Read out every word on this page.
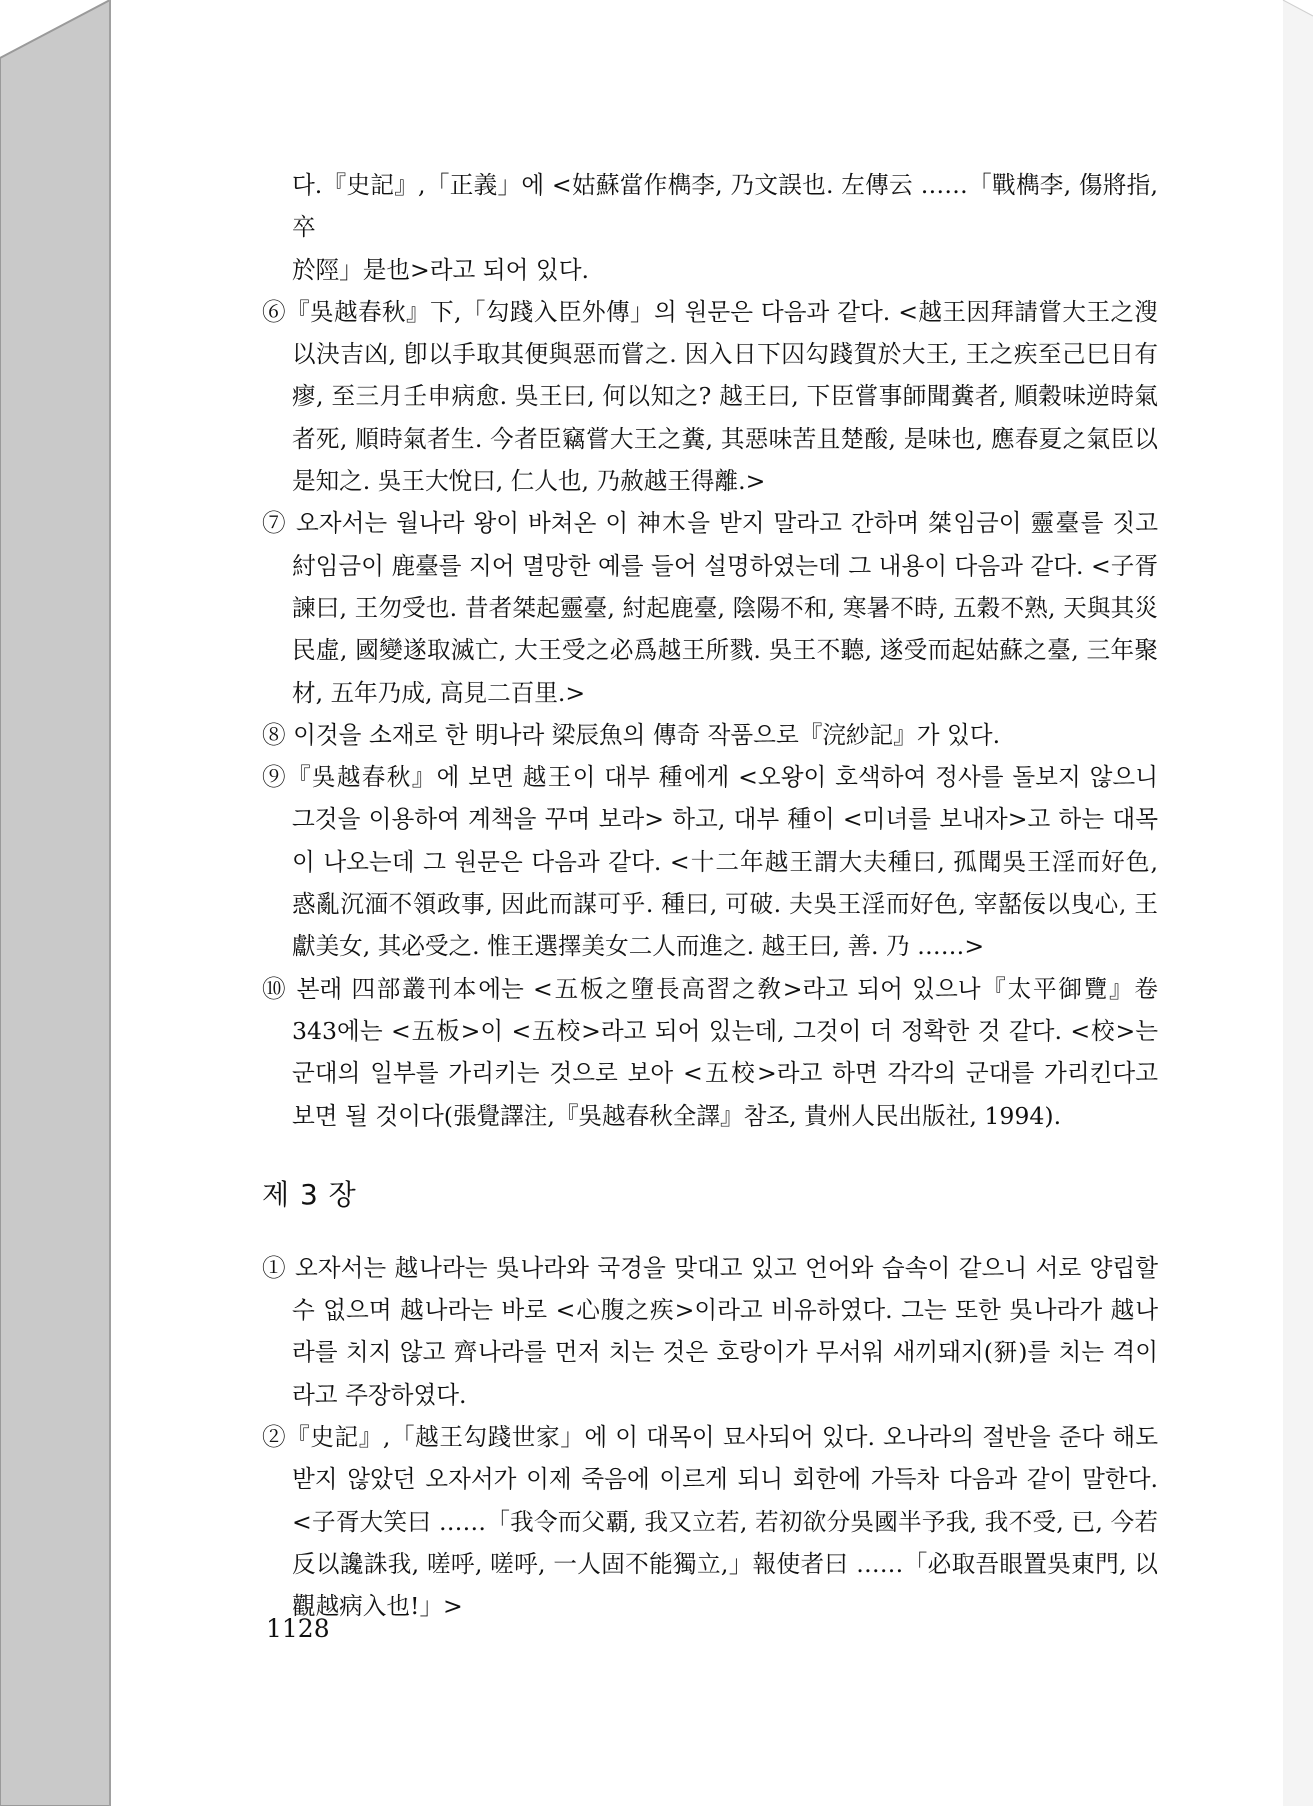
다.『史記』,「正義」에 <姑蘇當作檇李, 乃文誤也. 左傳云 ……「戰檇李, 傷將指, 卒

於陘」是也>라고 되어 있다.

⑥『吳越春秋』下,「勾踐入臣外傳」의 원문은 다음과 같다. <越王因拜請嘗大王之溲以決吉凶, 卽以手取其便與惡而嘗之. 因入日下囚勾踐賀於大王, 王之疾至己巳日有瘳, 至三月壬申病愈. 吳王曰, 何以知之? 越王曰, 下臣嘗事師聞糞者, 順穀味逆時氣者死, 順時氣者生. 今者臣竊嘗大王之糞, 其惡味苦且楚酸, 是味也, 應春夏之氣臣以是知之. 吳王大悅曰, 仁人也, 乃赦越王得離.>

⑦ 오자서는 월나라 왕이 바쳐온 이 神木을 받지 말라고 간하며 桀임금이 靈臺를 짓고 紂임금이 鹿臺를 지어 멸망한 예를 들어 설명하였는데 그 내용이 다음과 같다. <子胥諫曰, 王勿受也. 昔者桀起靈臺, 紂起鹿臺, 陰陽不和, 寒暑不時, 五穀不熟, 天與其災民虛, 國變遂取滅亡, 大王受之必爲越王所戮. 吳王不聽, 遂受而起姑蘇之臺, 三年聚材, 五年乃成, 高見二百里.>

⑧ 이것을 소재로 한 明나라 梁辰魚의 傳奇 작품으로『浣紗記』가 있다.

⑨『吳越春秋』에 보면 越王이 대부 種에게 <오왕이 호색하여 정사를 돌보지 않으니 그것을 이용하여 계책을 꾸며 보라> 하고, 대부 種이 <미녀를 보내자>고 하는 대목이 나오는데 그 원문은 다음과 같다. <十二年越王謂大夫種曰, 孤聞吳王淫而好色, 惑亂沉湎不領政事, 因此而謀可乎. 種曰, 可破. 夫吳王淫而好色, 宰嚭佞以曳心, 王獻美女, 其必受之. 惟王選擇美女二人而進之. 越王曰, 善. 乃 ……>

⑩ 본래 四部叢刊本에는 <五板之墮長高習之敎>라고 되어 있으나『太平御覽』卷 343에는 <五板>이 <五校>라고 되어 있는데, 그것이 더 정확한 것 같다. <校>는 군대의 일부를 가리키는 것으로 보아 <五校>라고 하면 각각의 군대를 가리킨다고 보면 될 것이다(張覺譯注,『吳越春秋全譯』참조, 貴州人民出版社, 1994).

제 3 장

① 오자서는 越나라는 吳나라와 국경을 맞대고 있고 언어와 습속이 같으니 서로 양립할 수 없으며 越나라는 바로 <心腹之疾>이라고 비유하였다. 그는 또한 吳나라가 越나라를 치지 않고 齊나라를 먼저 치는 것은 호랑이가 무서워 새끼돼지(豜)를 치는 격이라고 주장하였다.

②『史記』,「越王勾踐世家」에 이 대목이 묘사되어 있다. 오나라의 절반을 준다 해도 받지 않았던 오자서가 이제 죽음에 이르게 되니 회한에 가득차 다음과 같이 말한다. <子胥大笑曰 ……「我令而父覇, 我又立若, 若初欲分吳國半予我, 我不受, 已, 今若反以讒誅我, 嗟呼, 嗟呼, 一人固不能獨立,」報使者曰 ……「必取吾眼置吳東門, 以觀越病入也!」>

1128
